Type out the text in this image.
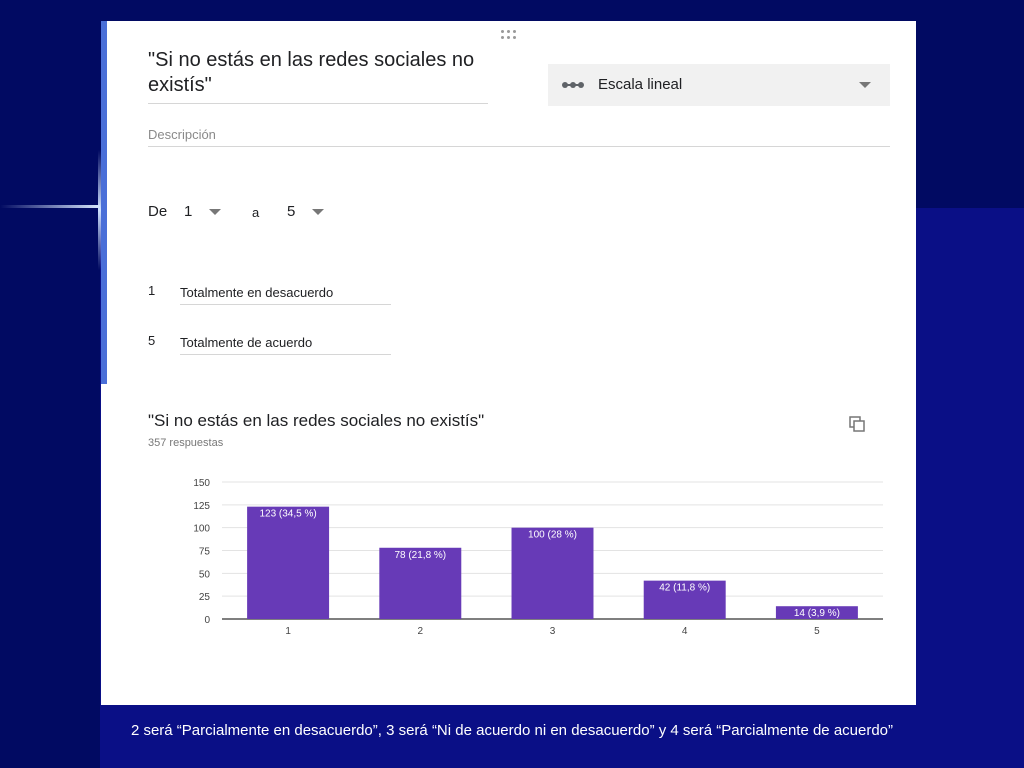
"Si no estás en las redes sociales no existís"	Escala lineal
Descripción
De 1	a 5
1 Totalmente en desacuerdo
5 Totalmente de acuerdo
"Si no estás en las redes sociales no existís"
357 respuestas
0
25
50
75
100
125
150
123 (34,5 %)
1
78 (21,8 %)
2
100 (28 %)
3
42 (11,8 %)
4
14 (3,9 %)
5
2 será “Parcialmente en desacuerdo”, 3 será “Ni de acuerdo ni en desacuerdo” y 4 será “Parcialmente de acuerdo”
